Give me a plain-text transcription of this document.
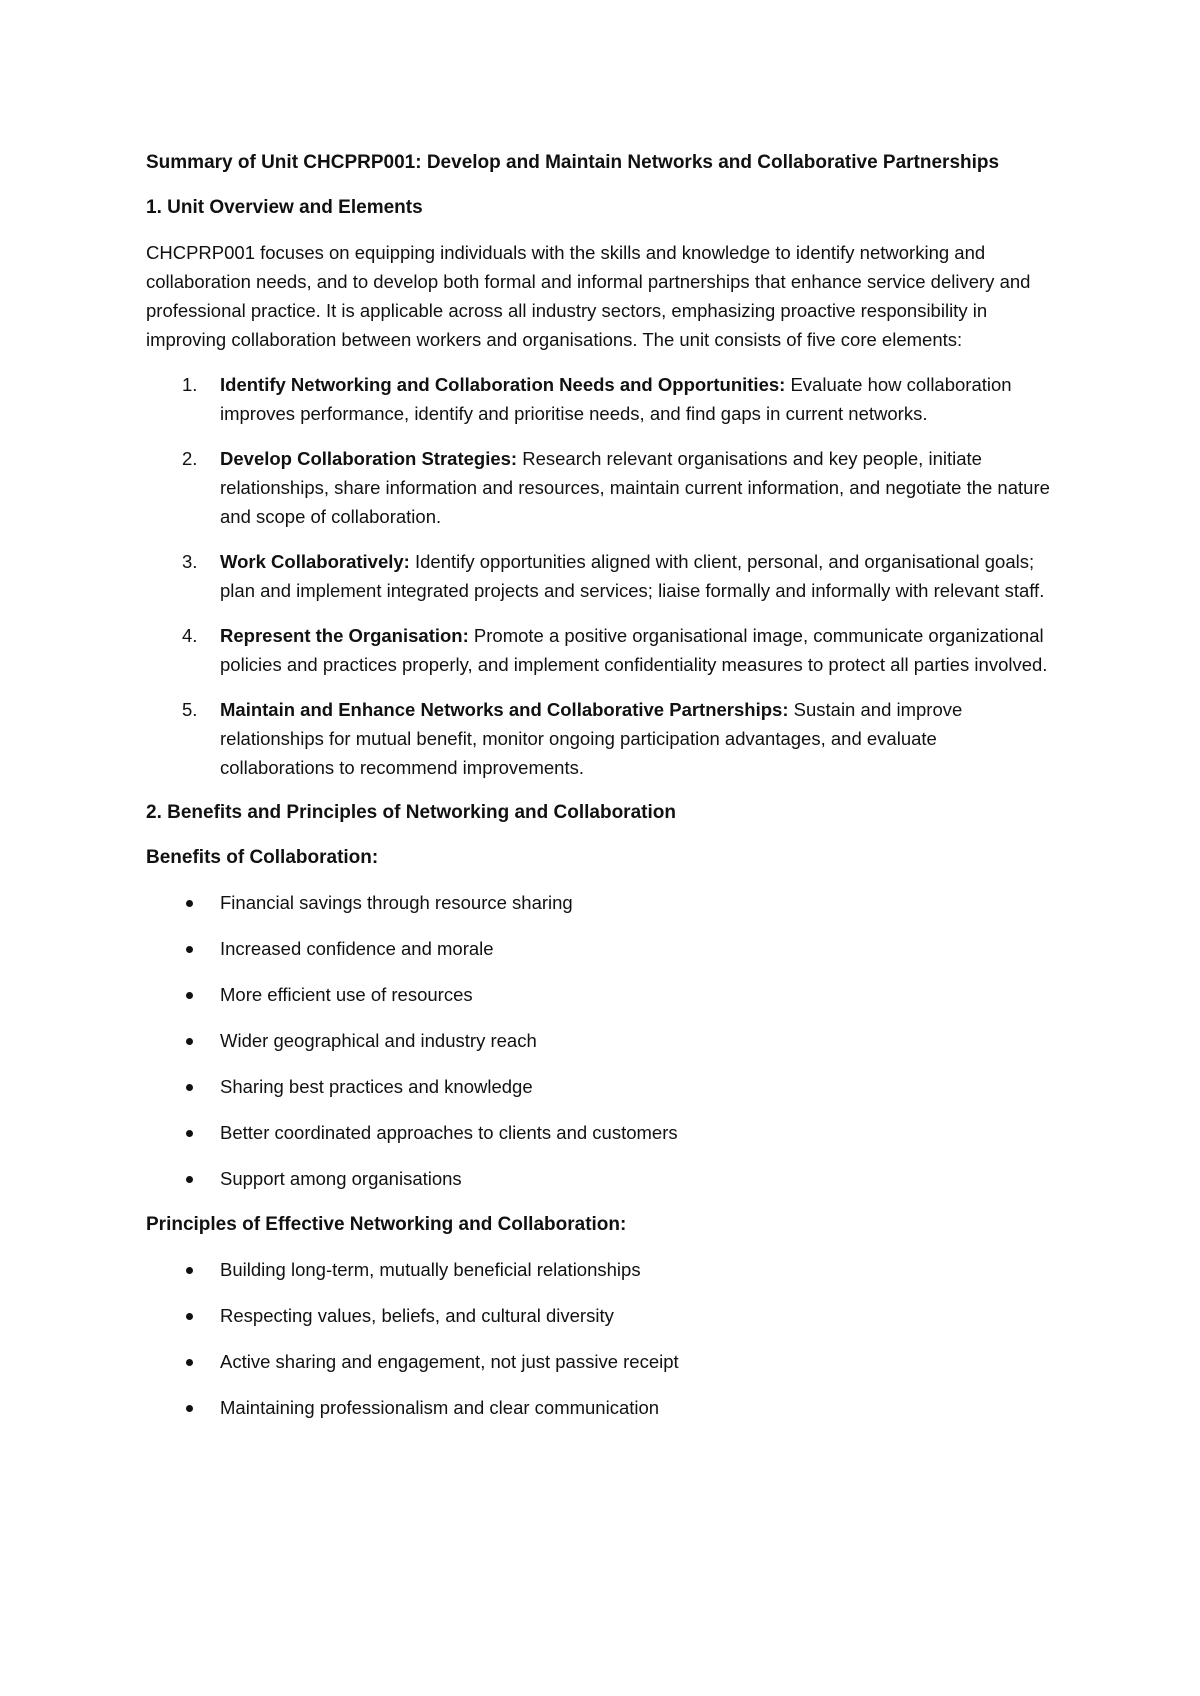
Summary of Unit CHCPRP001: Develop and Maintain Networks and Collaborative Partnerships
1. Unit Overview and Elements
CHCPRP001 focuses on equipping individuals with the skills and knowledge to identify networking and collaboration needs, and to develop both formal and informal partnerships that enhance service delivery and professional practice. It is applicable across all industry sectors, emphasizing proactive responsibility in improving collaboration between workers and organisations. The unit consists of five core elements:
1. Identify Networking and Collaboration Needs and Opportunities: Evaluate how collaboration improves performance, identify and prioritise needs, and find gaps in current networks.
2. Develop Collaboration Strategies: Research relevant organisations and key people, initiate relationships, share information and resources, maintain current information, and negotiate the nature and scope of collaboration.
3. Work Collaboratively: Identify opportunities aligned with client, personal, and organisational goals; plan and implement integrated projects and services; liaise formally and informally with relevant staff.
4. Represent the Organisation: Promote a positive organisational image, communicate organizational policies and practices properly, and implement confidentiality measures to protect all parties involved.
5. Maintain and Enhance Networks and Collaborative Partnerships: Sustain and improve relationships for mutual benefit, monitor ongoing participation advantages, and evaluate collaborations to recommend improvements.
2. Benefits and Principles of Networking and Collaboration
Benefits of Collaboration:
Financial savings through resource sharing
Increased confidence and morale
More efficient use of resources
Wider geographical and industry reach
Sharing best practices and knowledge
Better coordinated approaches to clients and customers
Support among organisations
Principles of Effective Networking and Collaboration:
Building long-term, mutually beneficial relationships
Respecting values, beliefs, and cultural diversity
Active sharing and engagement, not just passive receipt
Maintaining professionalism and clear communication
